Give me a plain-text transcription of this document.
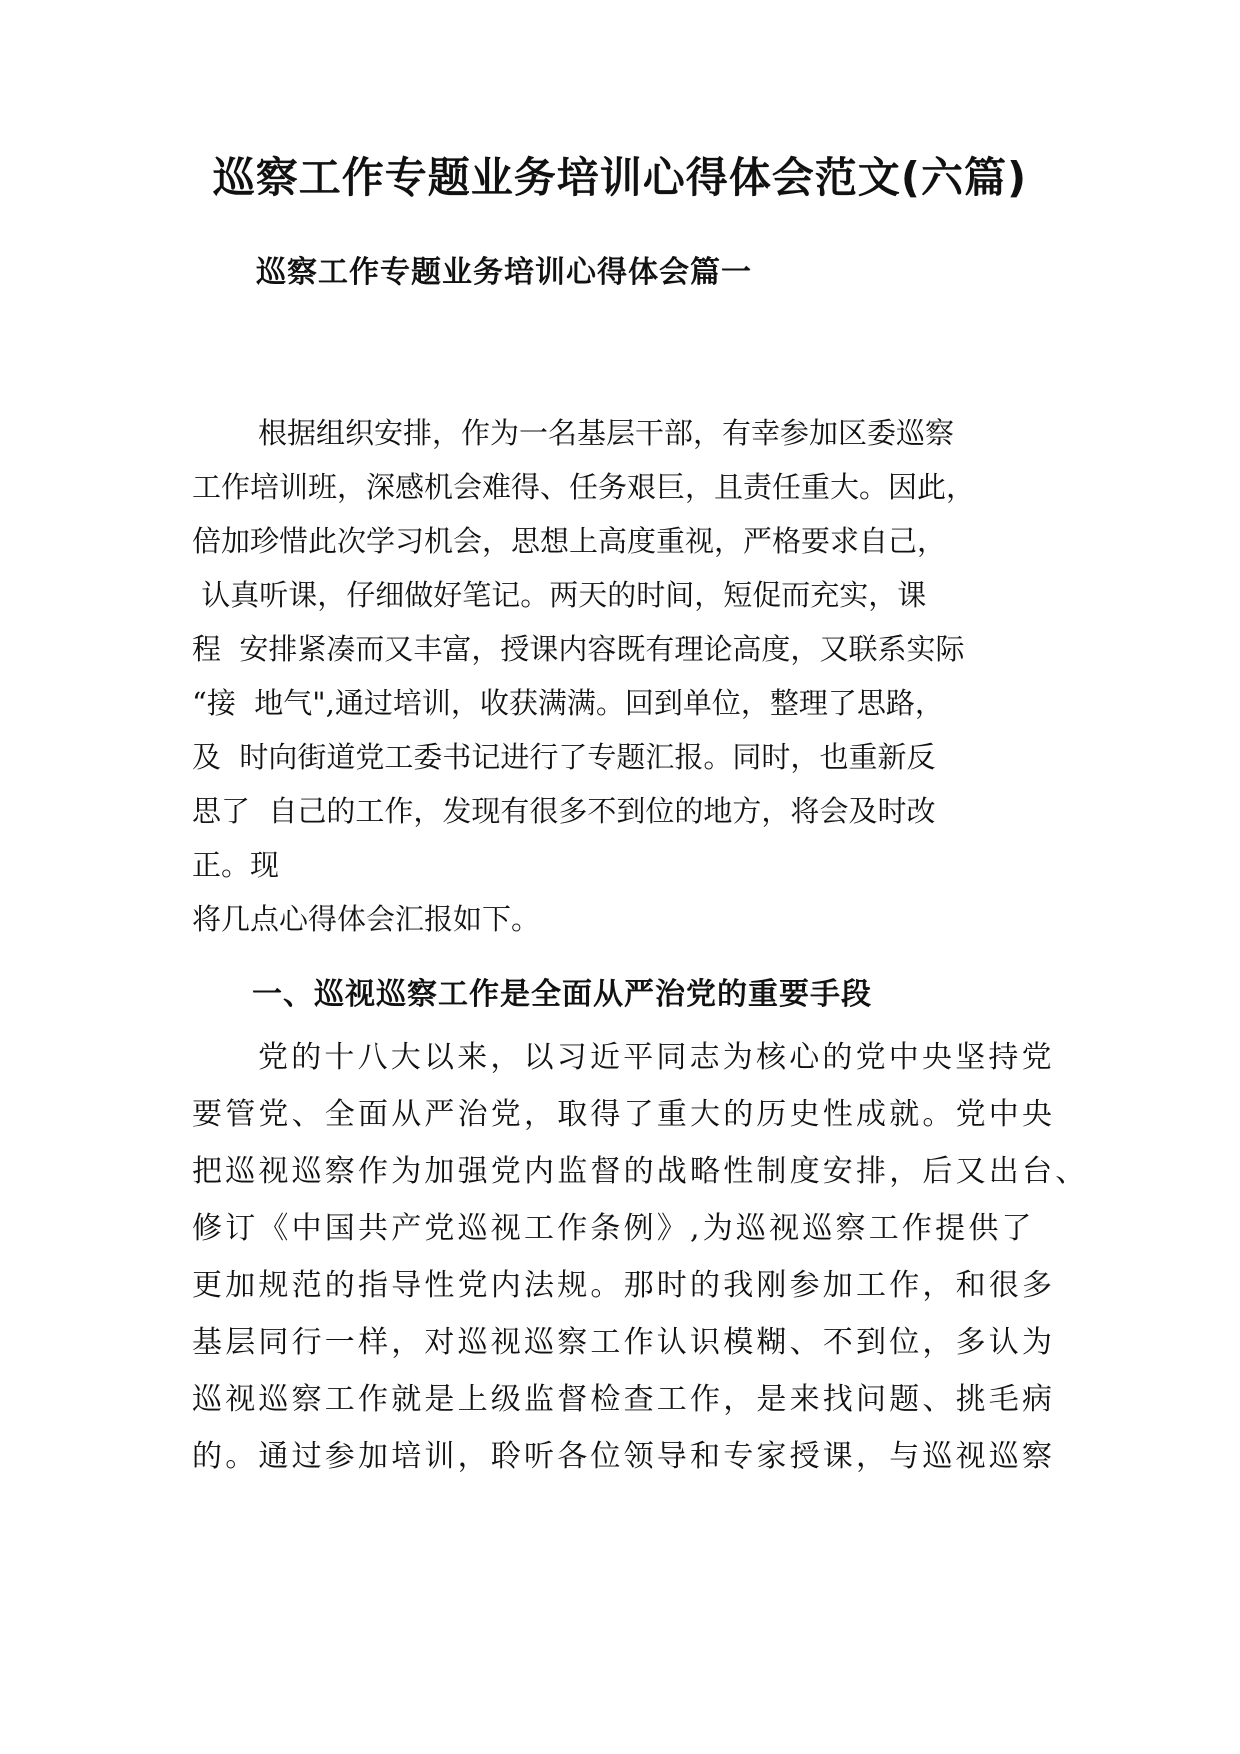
巡察工作专题业务培训心得体会范文(六篇)
巡察工作专题业务培训心得体会篇一
根据组织安排，作为一名基层干部，有幸参加区委巡察
工作培训班，深感机会难得、任务艰巨，且责任重大。因此，
倍加珍惜此次学习机会，思想上高度重视，严格要求自己，
认真听课，仔细做好笔记。两天的时间，短促而充实，课
程  安排紧凑而又丰富，授课内容既有理论高度，又联系实际
“接  地气",通过培训，收获满满。回到单位，整理了思路，
及  时向街道党工委书记进行了专题汇报。同时，也重新反
思了  自己的工作，发现有很多不到位的地方，将会及时改
正。现
将几点心得体会汇报如下。
一、巡视巡察工作是全面从严治党的重要手段
党的十八大以来，以习近平同志为核心的党中央坚持党
要管党、全面从严治党，取得了重大的历史性成就。党中央
把巡视巡察作为加强党内监督的战略性制度安排，后又出台、
修订《中国共产党巡视工作条例》,为巡视巡察工作提供了
更加规范的指导性党内法规。那时的我刚参加工作，和很多
基层同行一样，对巡视巡察工作认识模糊、不到位，多认为
巡视巡察工作就是上级监督检查工作，是来找问题、挑毛病
的。通过参加培训，聆听各位领导和专家授课，与巡视巡察
